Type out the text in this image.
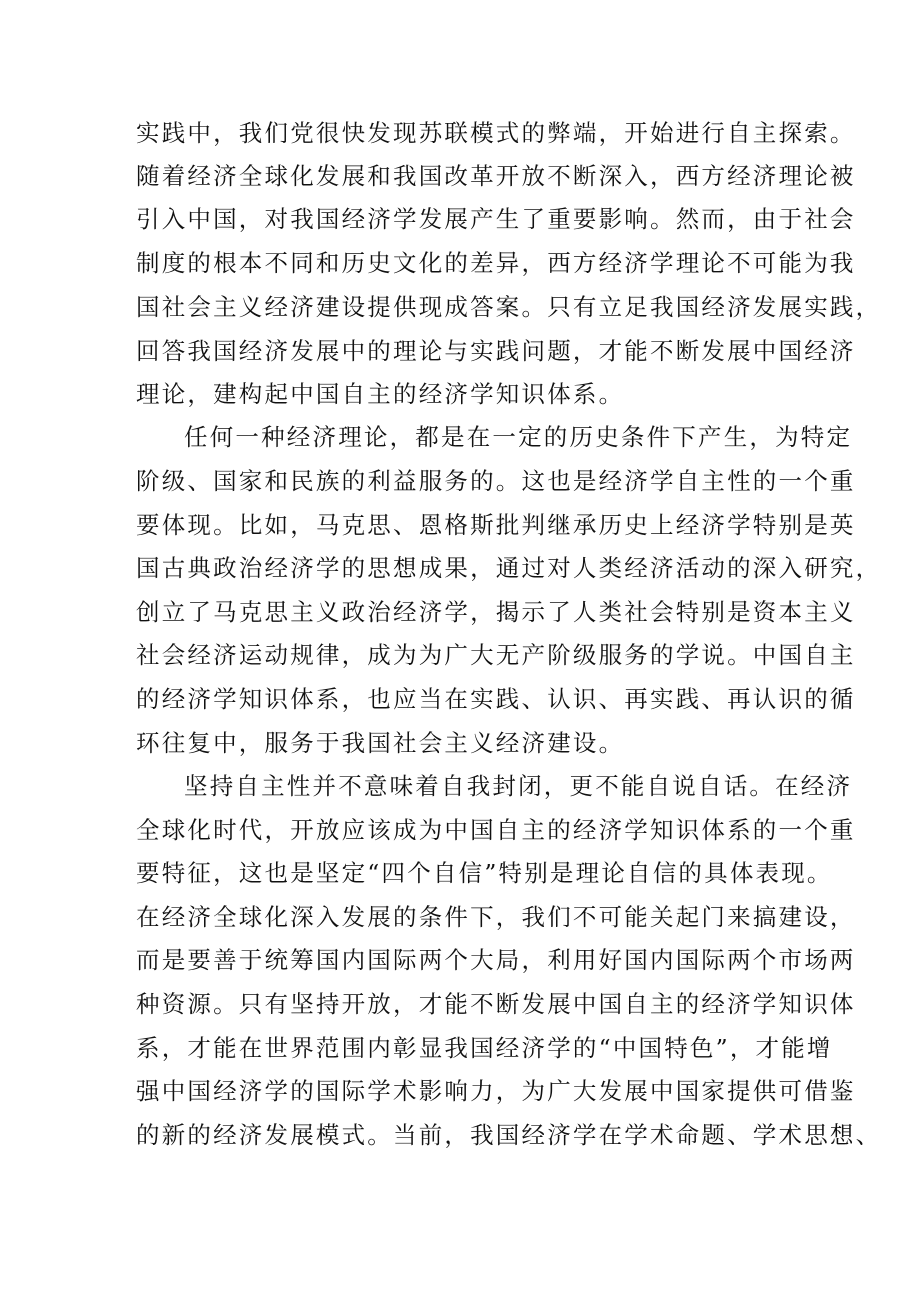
实践中，我们党很快发现苏联模式的弊端，开始进行自主探索。
随着经济全球化发展和我国改革开放不断深入，西方经济理论被
引入中国，对我国经济学发展产生了重要影响。然而，由于社会
制度的根本不同和历史文化的差异，西方经济学理论不可能为我
国社会主义经济建设提供现成答案。只有立足我国经济发展实践，
回答我国经济发展中的理论与实践问题，才能不断发展中国经济
理论，建构起中国自主的经济学知识体系。
任何一种经济理论，都是在一定的历史条件下产生，为特定
阶级、国家和民族的利益服务的。这也是经济学自主性的一个重
要体现。比如，马克思、恩格斯批判继承历史上经济学特别是英
国古典政治经济学的思想成果，通过对人类经济活动的深入研究，
创立了马克思主义政治经济学，揭示了人类社会特别是资本主义
社会经济运动规律，成为为广大无产阶级服务的学说。中国自主
的经济学知识体系，也应当在实践、认识、再实践、再认识的循
环往复中，服务于我国社会主义经济建设。
坚持自主性并不意味着自我封闭，更不能自说自话。在经济
全球化时代，开放应该成为中国自主的经济学知识体系的一个重
要特征，这也是坚定“四个自信”特别是理论自信的具体表现。
在经济全球化深入发展的条件下，我们不可能关起门来搞建设，
而是要善于统筹国内国际两个大局，利用好国内国际两个市场两
种资源。只有坚持开放，才能不断发展中国自主的经济学知识体
系，才能在世界范围内彰显我国经济学的“中国特色”，才能增
强中国经济学的国际学术影响力，为广大发展中国家提供可借鉴
的新的经济发展模式。当前，我国经济学在学术命题、学术思想、
